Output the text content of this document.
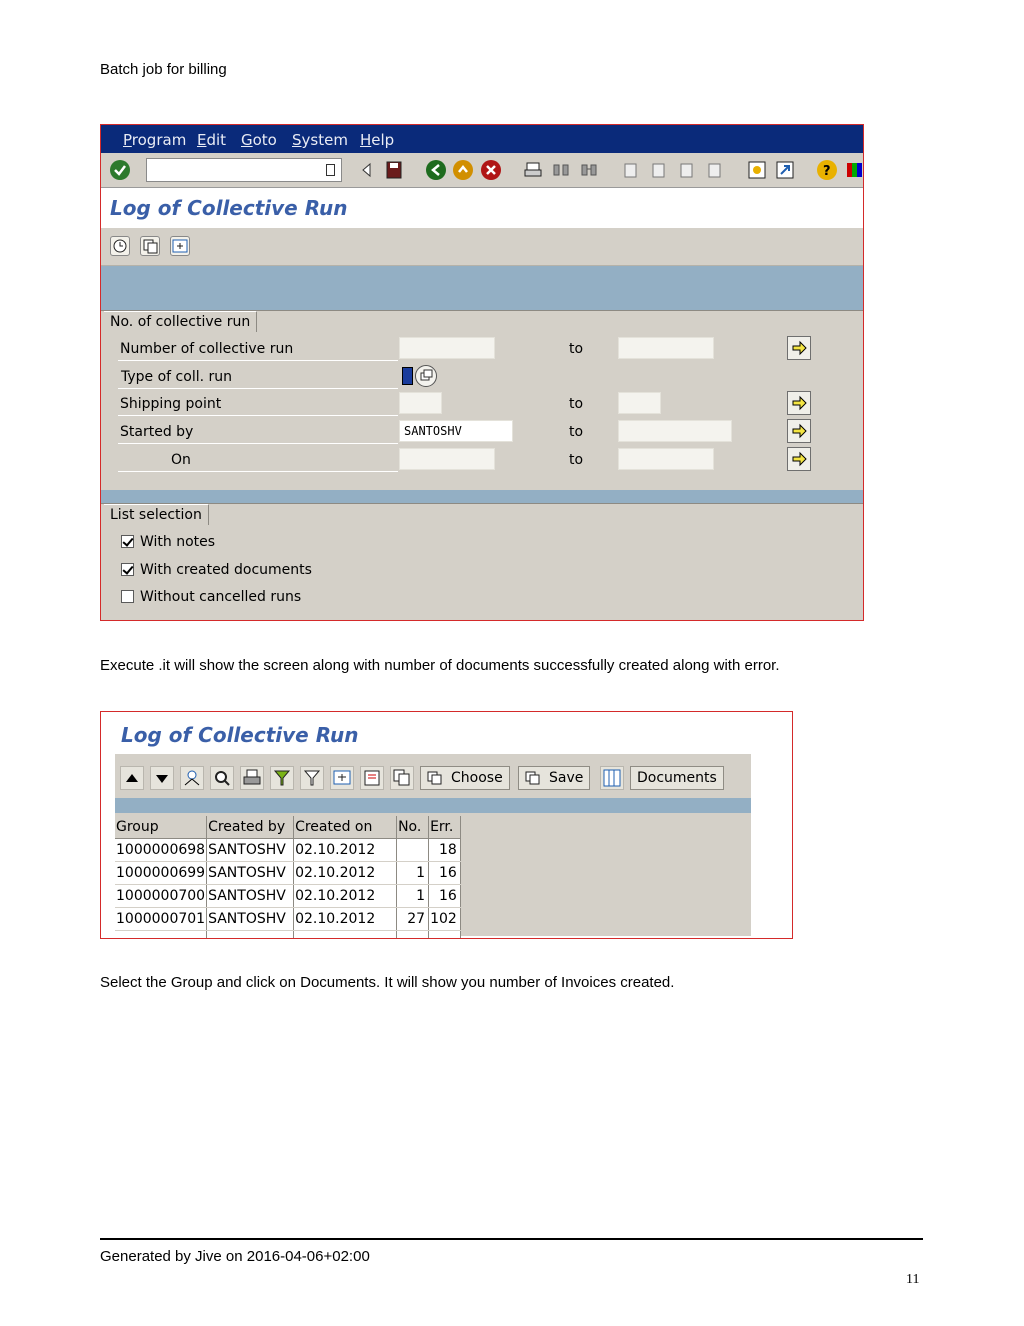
Batch job for billing
Program Edit Goto System Help
?
Log of Collective Run
No. of collective run
Number of collective run	to
Type of coll. run
Shipping point	to
Started by	SANTOSHV	to
On	to
List selection
With notes
With created documents
Without cancelled runs
Execute .it will show the screen along with number of documents successfully created along with error.
Log of Collective Run
Choose	Save	Documents
Group	Created by	Created on	No.	Err.
1000000698	SANTOSHV	02.10.2012		18
1000000699	SANTOSHV	02.10.2012	1	16
1000000700	SANTOSHV	02.10.2012	1	16
1000000701	SANTOSHV	02.10.2012	27	102

Select the Group and click on Documents. It will show you number of Invoices created.
Generated by Jive on 2016-04-06+02:00
11
